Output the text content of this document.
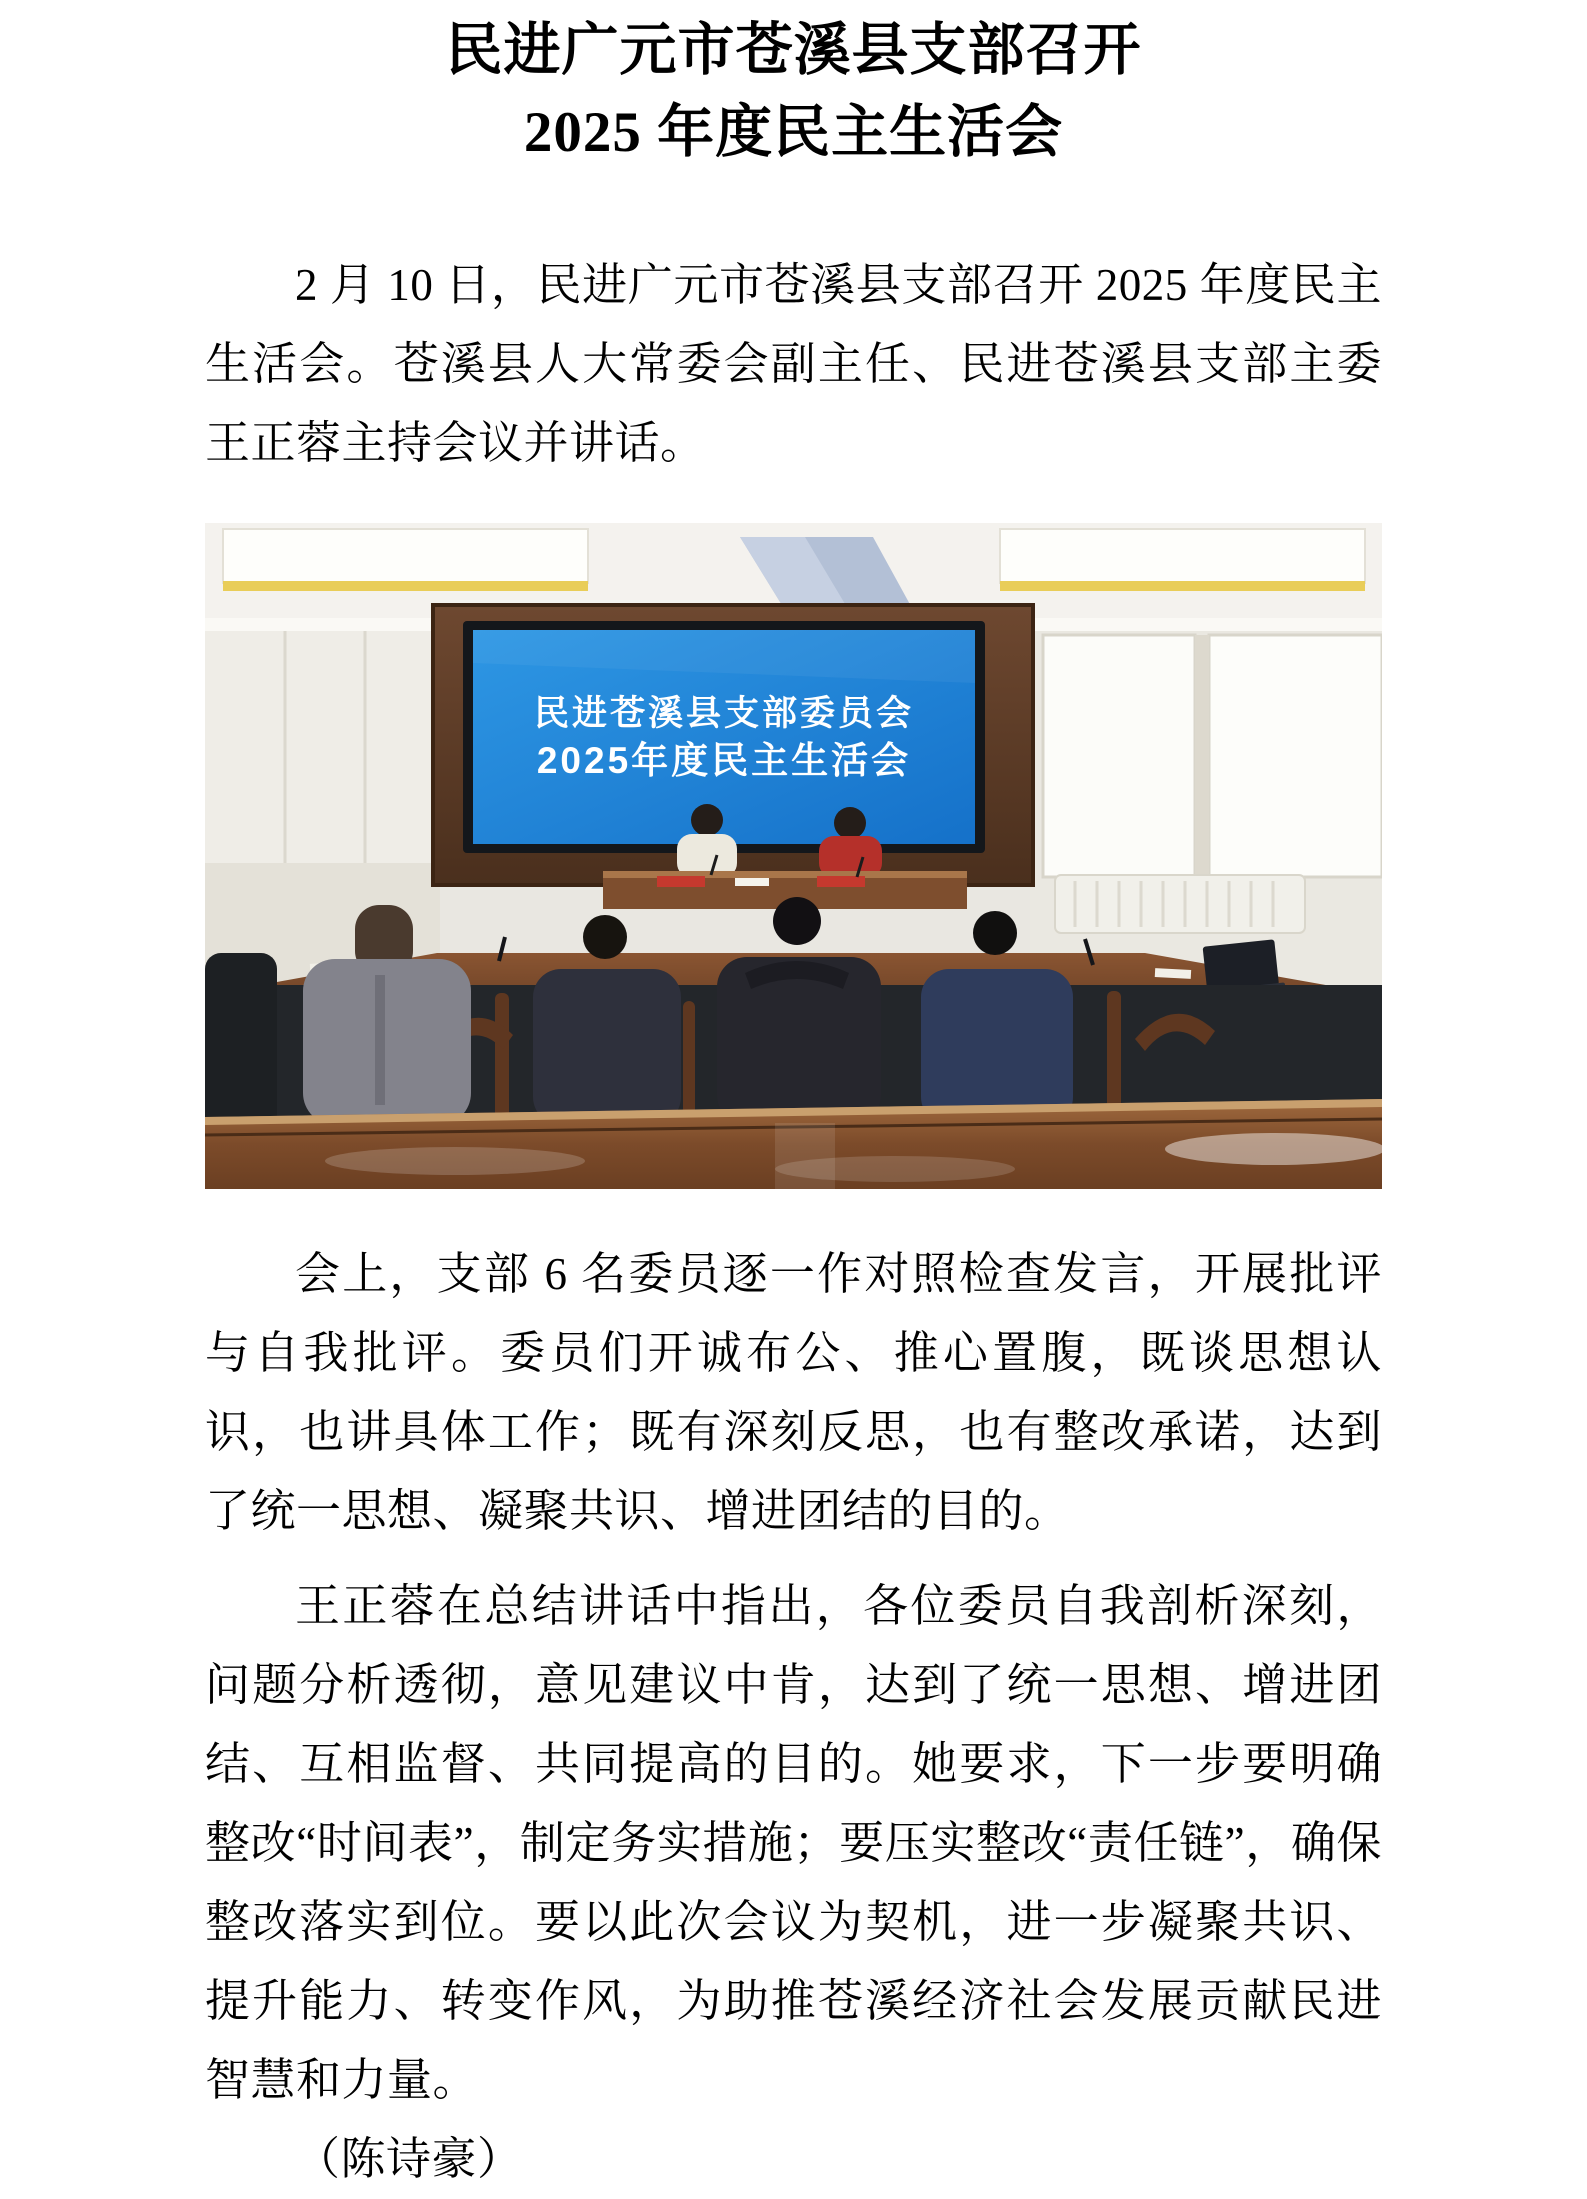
民进广元市苍溪县支部召开
2025 年度民主生活会

2 月 10 日，民进广元市苍溪县支部召开 2025 年度民主生活会。苍溪县人大常委会副主任、民进苍溪县支部主委王正蓉主持会议并讲话。

民进苍溪县支部委员会
2025年度民主生活会

会上，支部 6 名委员逐一作对照检查发言，开展批评与自我批评。委员们开诚布公、推心置腹，既谈思想认识，也讲具体工作；既有深刻反思，也有整改承诺，达到了统一思想、凝聚共识、增进团结的目的。

王正蓉在总结讲话中指出，各位委员自我剖析深刻，问题分析透彻，意见建议中肯，达到了统一思想、增进团结、互相监督、共同提高的目的。她要求，下一步要明确整改“时间表”，制定务实措施；要压实整改“责任链”，确保整改落实到位。要以此次会议为契机，进一步凝聚共识、提升能力、转变作风，为助推苍溪经济社会发展贡献民进智慧和力量。

（陈诗豪）
